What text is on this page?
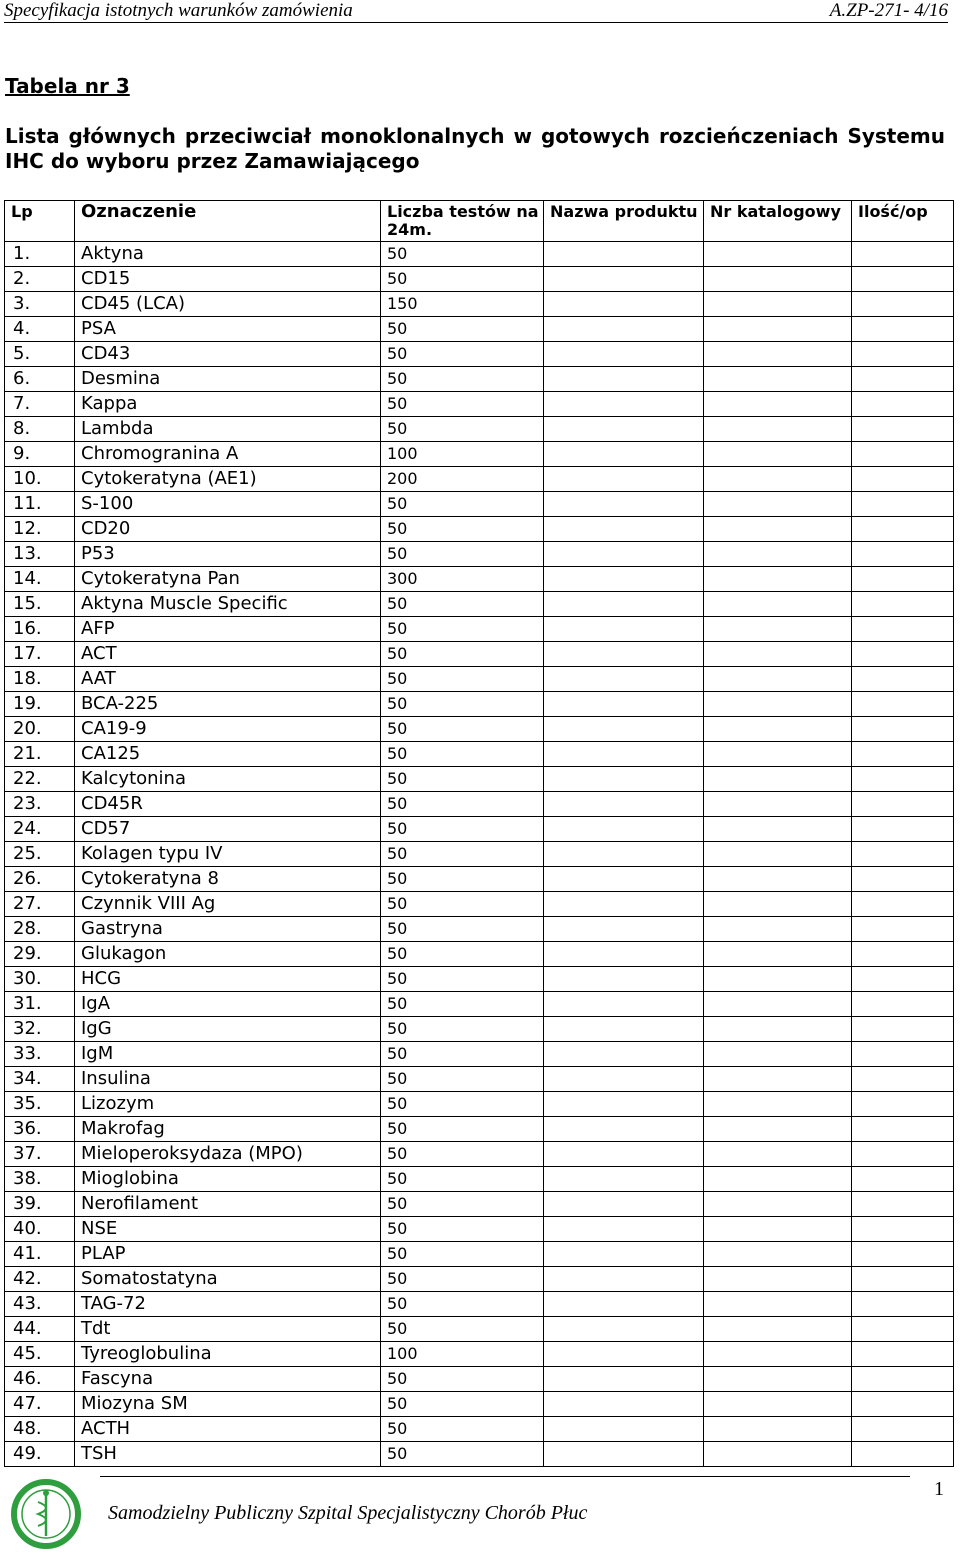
Specyfikacja istotnych warunków zamówienia	A.ZP-271- 4/16
Tabela nr 3
Lista głównych przeciwciał monoklonalnych w gotowych rozcieńczeniach Systemu IHC do wyboru przez Zamawiającego
Lp	Oznaczenie	Liczba testów na 24m.	Nazwa produktu	Nr katalogowy	Ilość/op
1.	Aktyna	50			
2.	CD15	50			
3.	CD45 (LCA)	150			
4.	PSA	50			
5.	CD43	50			
6.	Desmina	50			
7.	Kappa	50			
8.	Lambda	50			
9.	Chromogranina A	100			
10.	Cytokeratyna (AE1)	200			
11.	S-100	50			
12.	CD20	50			
13.	P53	50			
14.	Cytokeratyna Pan	300			
15.	Aktyna Muscle Specific	50			
16.	AFP	50			
17.	ACT	50			
18.	AAT	50			
19.	BCA-225	50			
20.	CA19-9	50			
21.	CA125	50			
22.	Kalcytonina	50			
23.	CD45R	50			
24.	CD57	50			
25.	Kolagen typu IV	50			
26.	Cytokeratyna 8	50			
27.	Czynnik VIII Ag	50			
28.	Gastryna	50			
29.	Glukagon	50			
30.	HCG	50			
31.	IgA	50			
32.	IgG	50			
33.	IgM	50			
34.	Insulina	50			
35.	Lizozym	50			
36.	Makrofag	50			
37.	Mieloperoksydaza (MPO)	50			
38.	Mioglobina	50			
39.	Nerofilament	50			
40.	NSE	50			
41.	PLAP	50			
42.	Somatostatyna	50			
43.	TAG-72	50			
44.	Tdt	50			
45.	Tyreoglobulina	100			
46.	Fascyna	50			
47.	Miozyna SM	50			
48.	ACTH	50			
49.	TSH	50			
1
Samodzielny Publiczny Szpital Specjalistyczny Chorób Płuc
